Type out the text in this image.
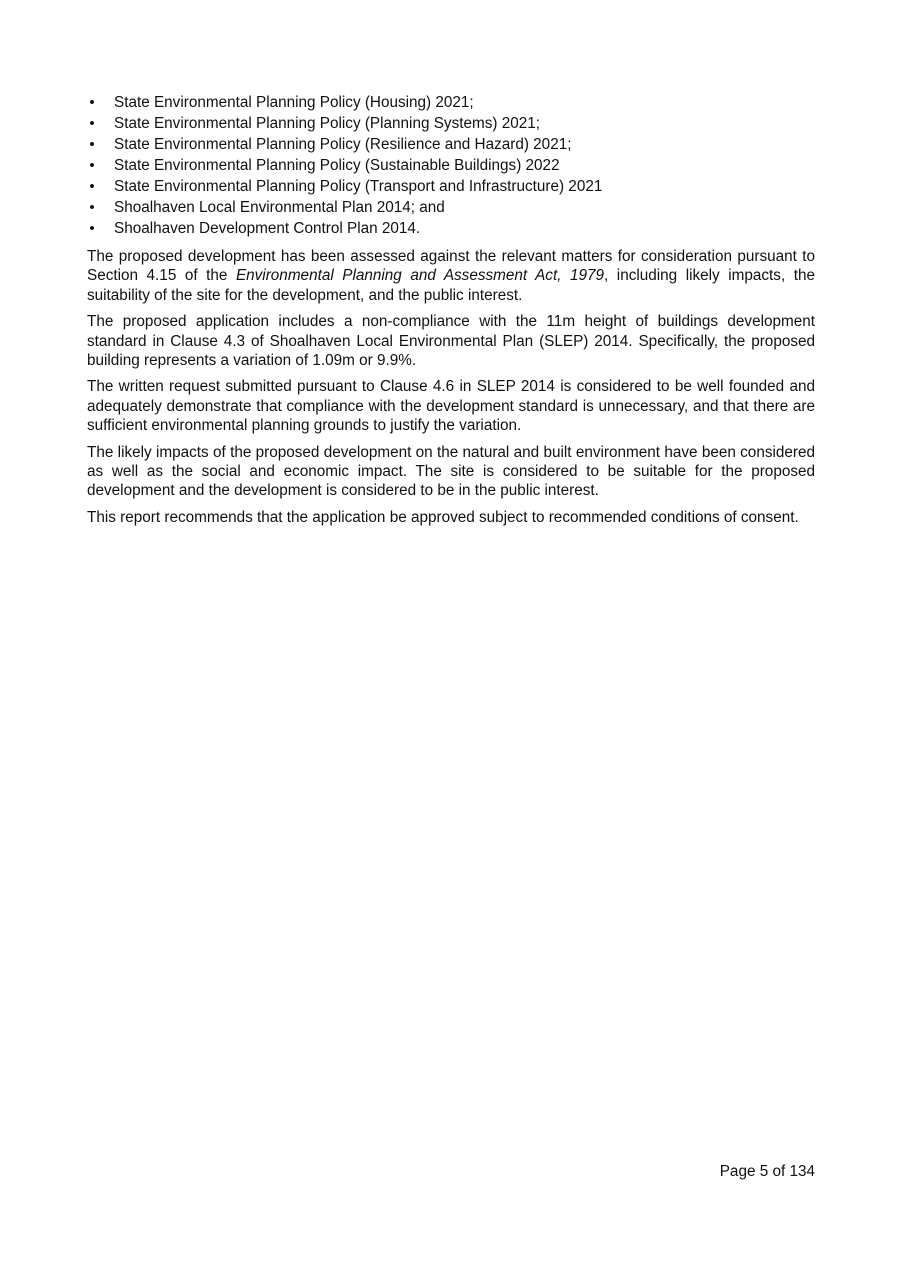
• State Environmental Planning Policy (Housing) 2021;
• State Environmental Planning Policy (Planning Systems) 2021;
• State Environmental Planning Policy (Resilience and Hazard) 2021;
• State Environmental Planning Policy (Sustainable Buildings) 2022
• State Environmental Planning Policy (Transport and Infrastructure) 2021
• Shoalhaven Local Environmental Plan 2014; and
• Shoalhaven Development Control Plan 2014.

The proposed development has been assessed against the relevant matters for consideration pursuant to Section 4.15 of the Environmental Planning and Assessment Act, 1979, including likely impacts, the suitability of the site for the development, and the public interest.

The proposed application includes a non-compliance with the 11m height of buildings development standard in Clause 4.3 of Shoalhaven Local Environmental Plan (SLEP) 2014. Specifically, the proposed building represents a variation of 1.09m or 9.9%.

The written request submitted pursuant to Clause 4.6 in SLEP 2014 is considered to be well founded and adequately demonstrate that compliance with the development standard is unnecessary, and that there are sufficient environmental planning grounds to justify the variation.

The likely impacts of the proposed development on the natural and built environment have been considered as well as the social and economic impact. The site is considered to be suitable for the proposed development and the development is considered to be in the public interest.

This report recommends that the application be approved subject to recommended conditions of consent.

Page 5 of 134
